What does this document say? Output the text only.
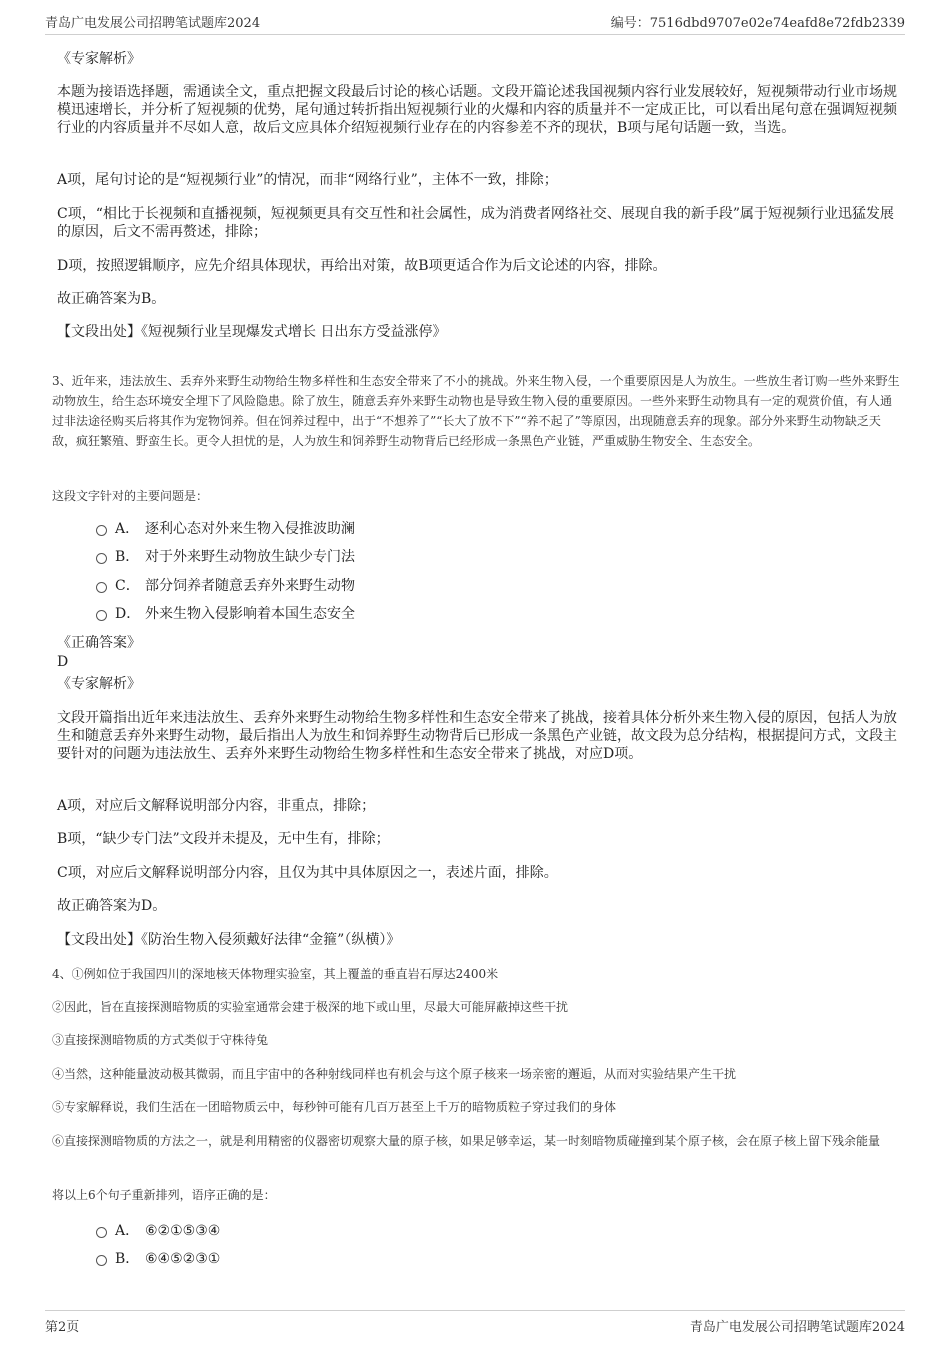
青岛广电发展公司招聘笔试题库2024	编号：7516dbd9707e02e74eafd8e72fdb2339

《专家解析》

本题为接语选择题，需通读全文，重点把握文段最后讨论的核心话题。文段开篇论述我国视频内容行业发展较好，短视频带动行业市场规模迅速增长，并分析了短视频的优势，尾句通过转折指出短视频行业的火爆和内容的质量并不一定成正比，可以看出尾句意在强调短视频行业的内容质量并不尽如人意，故后文应具体介绍短视频行业存在的内容参差不齐的现状，B项与尾句话题一致，当选。

A项，尾句讨论的是“短视频行业”的情况，而非“网络行业”，主体不一致，排除；

C项，“相比于长视频和直播视频，短视频更具有交互性和社会属性，成为消费者网络社交、展现自我的新手段”属于短视频行业迅猛发展的原因，后文不需再赘述，排除；

D项，按照逻辑顺序，应先介绍具体现状，再给出对策，故B项更适合作为后文论述的内容，排除。

故正确答案为B。

【文段出处】《短视频行业呈现爆发式增长 日出东方受益涨停》

3、近年来，违法放生、丢弃外来野生动物给生物多样性和生态安全带来了不小的挑战。外来生物入侵，一个重要原因是人为放生。一些放生者订购一些外来野生动物放生，给生态环境安全埋下了风险隐患。除了放生，随意丢弃外来野生动物也是导致生物入侵的重要原因。一些外来野生动物具有一定的观赏价值，有人通过非法途径购买后将其作为宠物饲养。但在饲养过程中，出于“不想养了”“长大了放不下”“养不起了”等原因，出现随意丢弃的现象。部分外来野生动物缺乏天敌，疯狂繁殖、野蛮生长。更令人担忧的是，人为放生和饲养野生动物背后已经形成一条黑色产业链，严重威胁生物安全、生态安全。

这段文字针对的主要问题是：

A． 逐利心态对外来生物入侵推波助澜
B． 对于外来野生动物放生缺少专门法
C． 部分饲养者随意丢弃外来野生动物
D． 外来生物入侵影响着本国生态安全

《正确答案》

D

《专家解析》

文段开篇指出近年来违法放生、丢弃外来野生动物给生物多样性和生态安全带来了挑战，接着具体分析外来生物入侵的原因，包括人为放生和随意丢弃外来野生动物，最后指出人为放生和饲养野生动物背后已形成一条黑色产业链，故文段为总分结构，根据提问方式，文段主要针对的问题为违法放生、丢弃外来野生动物给生物多样性和生态安全带来了挑战，对应D项。

A项，对应后文解释说明部分内容，非重点，排除；

B项，“缺少专门法”文段并未提及，无中生有，排除；

C项，对应后文解释说明部分内容，且仅为其中具体原因之一，表述片面，排除。

故正确答案为D。

【文段出处】《防治生物入侵须戴好法律“金箍”（纵横）》

4、①例如位于我国四川的深地核天体物理实验室，其上覆盖的垂直岩石厚达2400米

②因此，旨在直接探测暗物质的实验室通常会建于极深的地下或山里，尽最大可能屏蔽掉这些干扰

③直接探测暗物质的方式类似于守株待兔

④当然，这种能量波动极其微弱，而且宇宙中的各种射线同样也有机会与这个原子核来一场亲密的邂逅，从而对实验结果产生干扰

⑤专家解释说，我们生活在一团暗物质云中，每秒钟可能有几百万甚至上千万的暗物质粒子穿过我们的身体

⑥直接探测暗物质的方法之一，就是利用精密的仪器密切观察大量的原子核，如果足够幸运，某一时刻暗物质碰撞到某个原子核，会在原子核上留下残余能量

将以上6个句子重新排列，语序正确的是：

A． ⑥②①⑤③④
B． ⑥④⑤②③①
第2页	青岛广电发展公司招聘笔试题库2024
